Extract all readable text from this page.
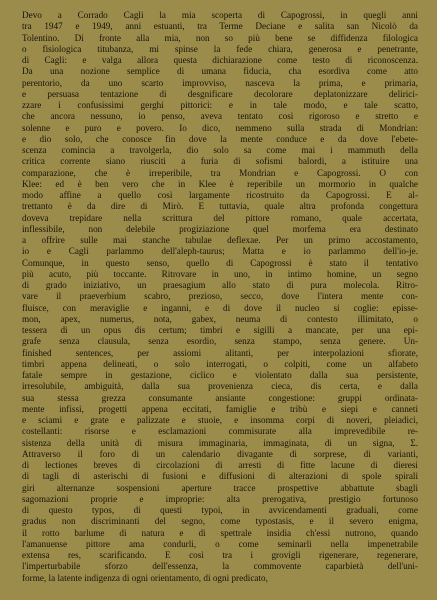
Devo a Corrado Cagli la mia scoperta di Capogrossi, in quegli anni
tra 1947 e 1949, anni estuanti, tra Terme Deciane e salita san Nicolò da
Tolentino. Di fronte alla mia, non so più bene se diffidenza filologica
o fisiologica titubanza, mi spinse la fede chiara, generosa e penetrante,
di Cagli: e valga allora questa dichiarazione come testo di riconoscenza.
Da una nozione semplice di umana fiducia, cha esordiva come atto
perentorio, da uno scarto improvviso, nasceva la prima, e primaria,
e persuasa tentazione di desgnificare decolorare deplatonizzare delirici-
zzare i confusissimi gerghi pittorici: e in tale modo, e tale scatto,
che ancora nessuno, io penso, aveva tentato così rigoroso e stretto e
solenne e puro e povero. Io dico, nemmeno sulla strada di Mondrian:
e dio solo, che conosce fin dove la mente conduce e da dove l'ebete-
scenza comincia a travolgerla, dio solo sa come mai i mammuth della
critica corrente siano riusciti a furia di sofismi balordi, a istituire una
comparazione, che è irreperibile, tra Mondrian e Capogrossi. O con
Klee: ed è ben vero che in Klee è reperibile un mormorio in qualche
modo affine a quello così largamente ricostruito da Capogrossi. E al-
trettanto è da dire di Mirò. E tuttavia, quale altra profonda congettura
doveva trepidare nella scrittura del pittore romano, quale accertata,
inflessibile, non delebile progiziazione quel morfema era destinato
a offrire sulle mai stanche tabulae deflexae. Per un primo accostamento,
io e Cagli parlammo dell'aleph-taurus; Matta e io parlammo dell'io-je.
Comunque, in questo senso, quello di Capogrossi è stato il tentativo
più acuto, più toccante. Ritrovare in uno, in intimo homine, un segno
di grado iniziativo, un praesagium allo stato di pura molecola. Ritro-
vare il praeverbium scabro, prezioso, secco, dove l'intera mente con-
fluisce, con meraviglie e inganni, e di dove il nucleo si coglie: episse-
mon, apex, numerus, nota, gabex, neuma di contesto illimitato, o
tessera di un opus dis certum; timbri e sigilli a mancate, per una epi-
grafe senza clausula, senza esordio, senza stampo, senza genere. Un-
finished sentences, per assiomi alitanti, per interpolazioni sfiorate,
timbri appena delineati, o solo interrogati, o colpiti, come un alfabeto
fatale sempre in gestazione, ciclico e violentato dalla sua persistente,
irresolubile, ambiguità, dalla sua provenienza cieca, dis certa, e dalla
sua stessa grezza consumante ansiante congestione: gruppi ordinata-
mente infissi, progetti appena eccitati, famiglie e tribù e siepi e canneti
e sciami e grate e palizzate e stuoie, e insomma corpi di noveri, pleiadici,
costellanti: risorse e esclamazioni commisurate alla imprevedibile re-
sistenza della unità di misura immaginaria, immaginata, di un signa, Σ.
Attraverso il foro di un calendario divagante di sorprese, di varianti,
di lectiones breves di circolazioni di arresti di fitte lacune di dieresi
di tagli di asterischi di fusioni e diffusioni di alterazioni di spole spirali
giri alternanze sospensioni aperture tracce prospettive abbattute sbagli
sagomazioni proprie e improprie: alta prerogativa, prestigio fortunoso
di questo typos, di questi typoi, in avvicendamenti graduali, come
gradus non discriminanti del segno, come typostasis, e il severo enigma,
il rotto barlume di natura e di spettrale insidia ch'essi nutrono, quando
l'amanuense pittore ama condurli, o come seminarli nella impenetrabile
extensa res, scarificando. E così tra i grovigli rigenerare, regenerare,
l'imperturbabile sforzo dell'essenza, la commovente caparbietà dell'uni-
forme, la latente indigenza di ogni orientamento, di ogni predicato,
